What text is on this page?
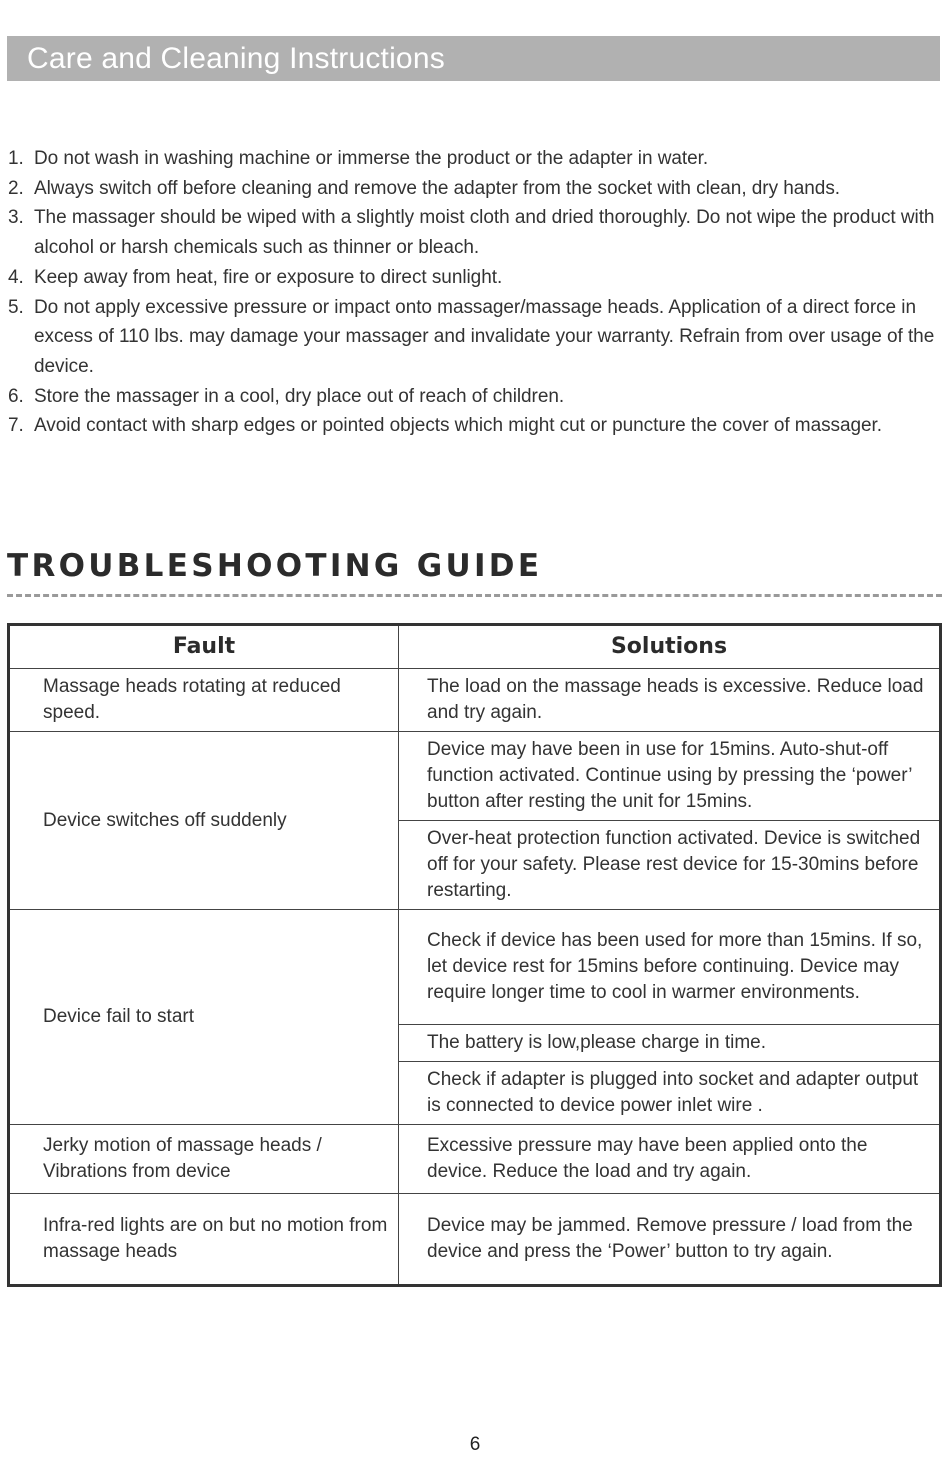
Care and Cleaning Instructions
1. Do not wash in washing machine or immerse the product or the adapter in water.
2. Always switch off before cleaning and remove the adapter from the socket with clean, dry hands.
3. The massager should be wiped with a slightly moist cloth and dried thoroughly. Do not wipe the product with alcohol or harsh chemicals such as thinner or bleach.
4. Keep away from heat, fire or exposure to direct sunlight.
5. Do not apply excessive pressure or impact onto massager/massage heads. Application of a direct force in excess of 110 lbs. may damage your massager and invalidate your warranty. Refrain from over usage of the device.
6. Store the massager in a cool, dry place out of reach of children.
7. Avoid contact with sharp edges or pointed objects which might cut or puncture the cover of massager.
TROUBLESHOOTING GUIDE
Fault	Solutions
Massage heads rotating at reduced speed.	The load on the massage heads is excessive. Reduce load and try again.
Device switches off suddenly	Device may have been in use for 15mins. Auto-shut-off function activated. Continue using by pressing the ‘power’ button after resting the unit for 15mins.
	Over-heat protection function activated. Device is switched off for your safety. Please rest device for 15-30mins before restarting.
Device fail to start	Check if device has been used for more than 15mins. If so, let device rest for 15mins before continuing. Device may require longer time to cool in warmer environments.
	The battery is low,please charge in time.
	Check if adapter is plugged into socket and adapter output is connected to device power inlet wire .
Jerky motion of massage heads / Vibrations from device	Excessive pressure may have been applied onto the device. Reduce the load and try again.
Infra-red lights are on but no motion from massage heads	Device may be jammed. Remove pressure / load from the device and press the ‘Power’ button to try again.
6
